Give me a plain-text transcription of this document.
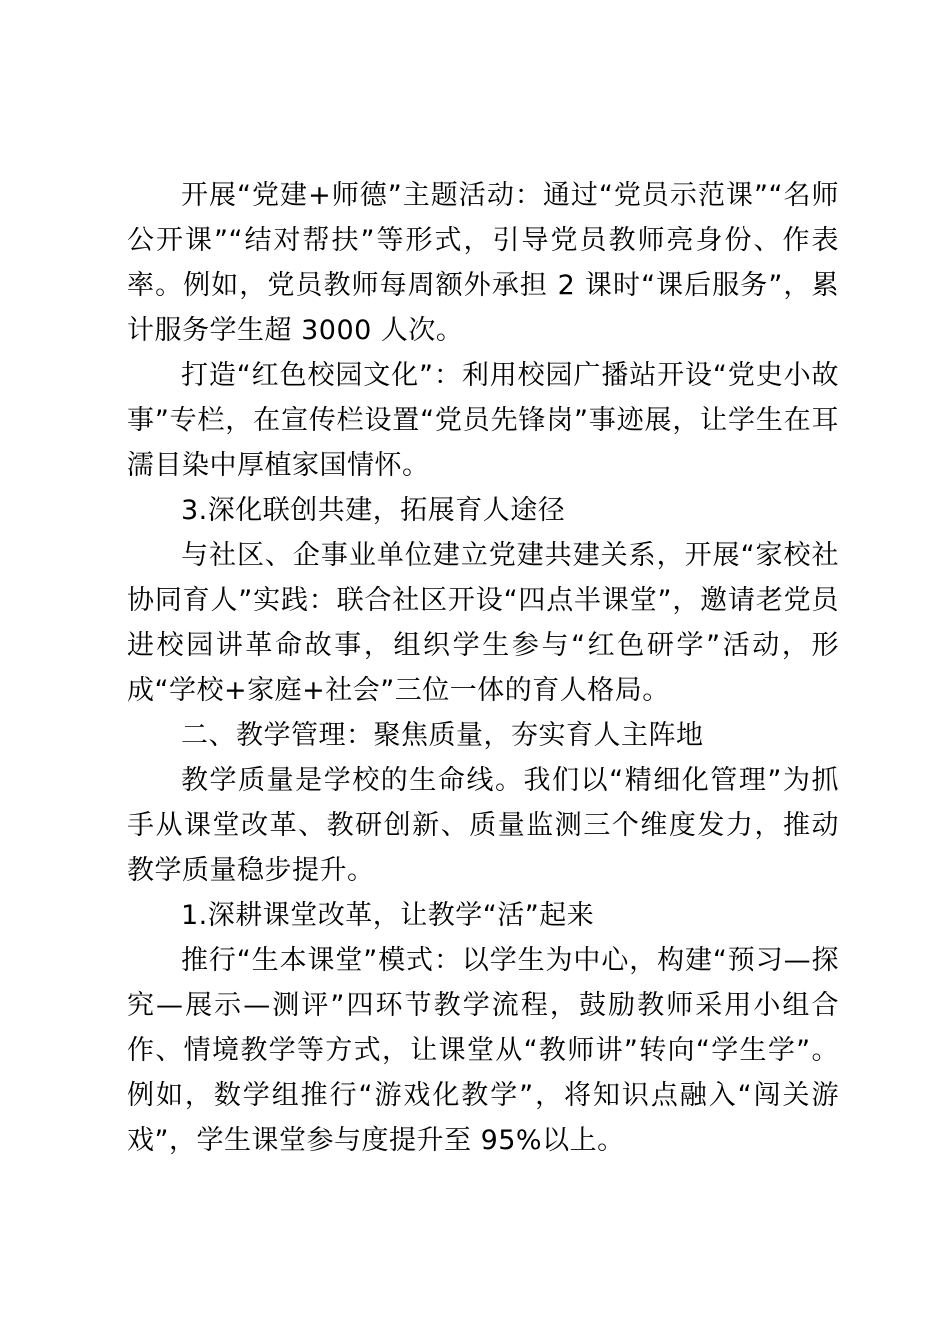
开展“党建+师德”主题活动：通过“党员示范课”“名师公开课”“结对帮扶”等形式，引导党员教师亮身份、作表率。例如，党员教师每周额外承担 2 课时“课后服务”，累计服务学生超 3000 人次。

打造“红色校园文化”：利用校园广播站开设“党史小故事”专栏，在宣传栏设置“党员先锋岗”事迹展，让学生在耳濡目染中厚植家国情怀。

3.深化联创共建，拓展育人途径

与社区、企事业单位建立党建共建关系，开展“家校社协同育人”实践：联合社区开设“四点半课堂”，邀请老党员进校园讲革命故事，组织学生参与“红色研学”活动，形成“学校+家庭+社会”三位一体的育人格局。

二、教学管理：聚焦质量，夯实育人主阵地

教学质量是学校的生命线。我们以“精细化管理”为抓手从课堂改革、教研创新、质量监测三个维度发力，推动教学质量稳步提升。

1.深耕课堂改革，让教学“活”起来

推行“生本课堂”模式：以学生为中心，构建“预习—探究—展示—测评”四环节教学流程，鼓励教师采用小组合作、情境教学等方式，让课堂从“教师讲”转向“学生学”。例如，数学组推行“游戏化教学”，将知识点融入“闯关游戏”，学生课堂参与度提升至 95%以上。
